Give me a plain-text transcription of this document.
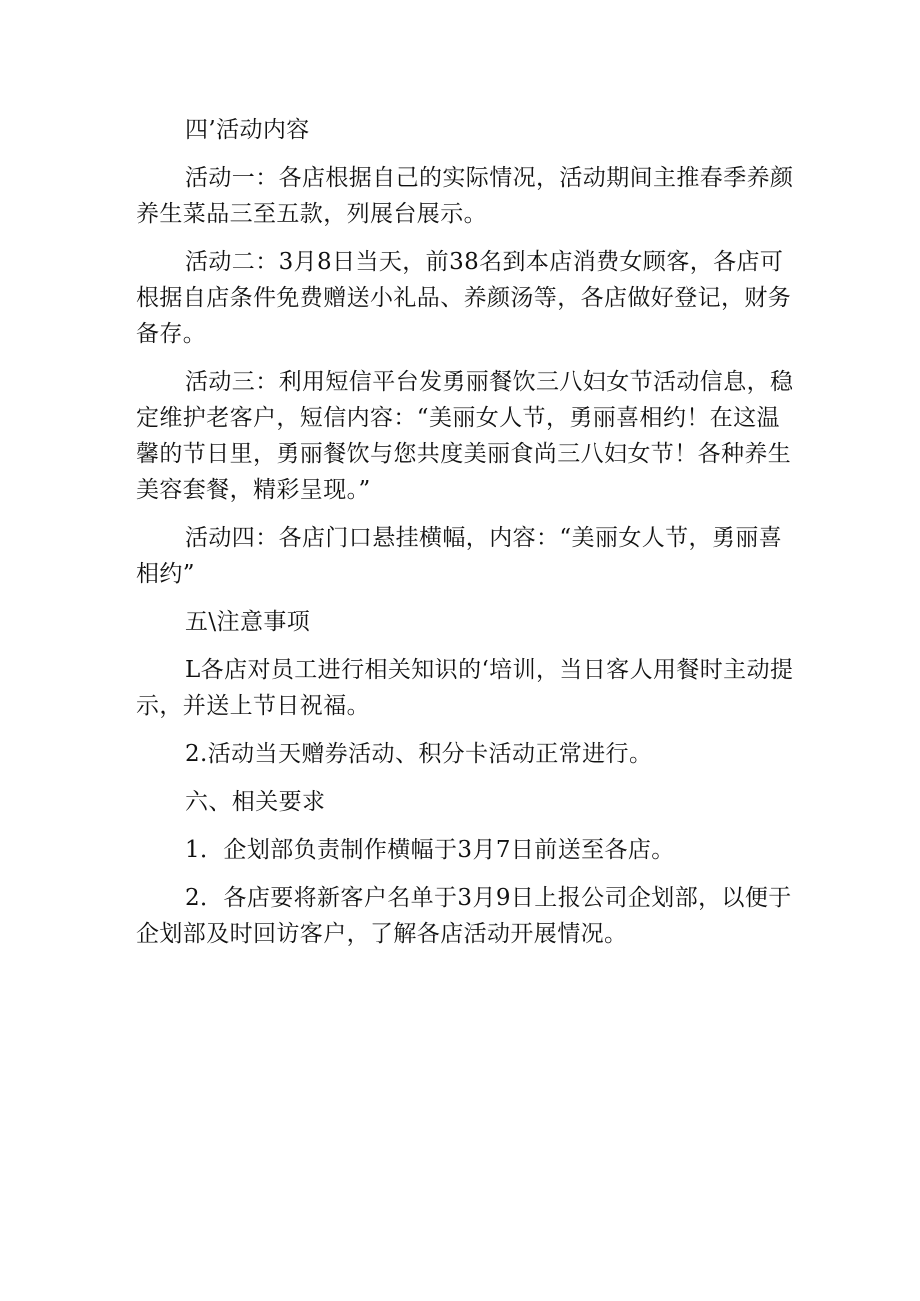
四’活动内容

活动一：各店根据自己的实际情况，活动期间主推春季养颜养生菜品三至五款，列展台展示。

活动二：3月8日当天，前38名到本店消费女顾客，各店可根据自店条件免费赠送小礼品、养颜汤等，各店做好登记，财务备存。

活动三：利用短信平台发勇丽餐饮三八妇女节活动信息，稳定维护老客户，短信内容：“美丽女人节，勇丽喜相约！在这温馨的节日里，勇丽餐饮与您共度美丽食尚三八妇女节！各种养生美容套餐，精彩呈现。”

活动四：各店门口悬挂横幅，内容：“美丽女人节，勇丽喜相约”

五\注意事项

L各店对员工进行相关知识的‘培训，当日客人用餐时主动提示，并送上节日祝福。

2.活动当天赠券活动、积分卡活动正常进行。

六、相关要求

1．企划部负责制作横幅于3月7日前送至各店。

2．各店要将新客户名单于3月9日上报公司企划部，以便于企划部及时回访客户，了解各店活动开展情况。
